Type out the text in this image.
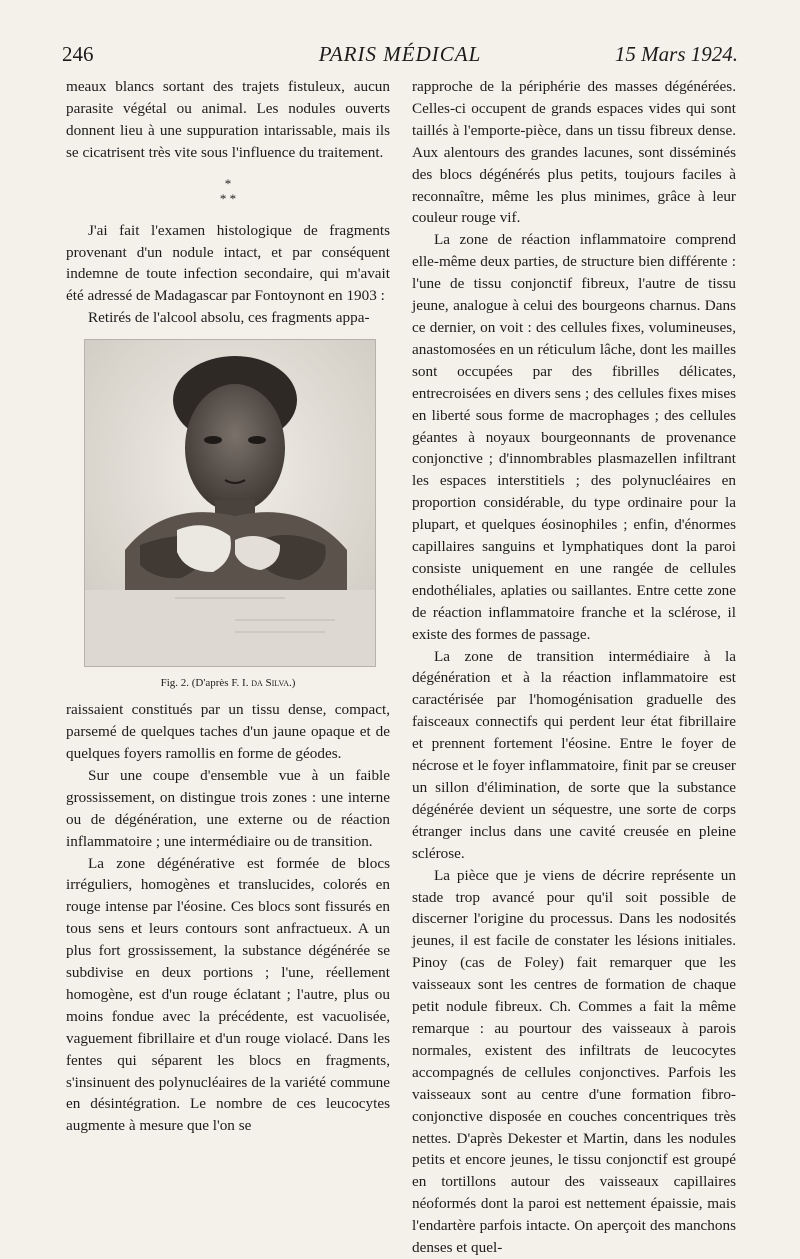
246	PARIS MÉDICAL	15 Mars 1924.

meaux blancs sortant des trajets fistuleux, aucun parasite végétal ou animal. Les nodules ouverts donnent lieu à une suppuration intarissable, mais ils se cicatrisent très vite sous l'influence du traitement.

*
* *

J'ai fait l'examen histologique de fragments provenant d'un nodule intact, et par conséquent indemne de toute infection secondaire, qui m'avait été adressé de Madagascar par Fontoynont en 1903 :

Retirés de l'alcool absolu, ces fragments appa-

Fig. 2. (D'après F. I. da Silva.)

raissaient constitués par un tissu dense, compact, parsemé de quelques taches d'un jaune opaque et de quelques foyers ramollis en forme de géodes.

Sur une coupe d'ensemble vue à un faible grossissement, on distingue trois zones : une interne ou de dégénération, une externe ou de réaction inflammatoire ; une intermédiaire ou de transition.

La zone dégénérative est formée de blocs irréguliers, homogènes et translucides, colorés en rouge intense par l'éosine. Ces blocs sont fissurés en tous sens et leurs contours sont anfractueux. A un plus fort grossissement, la substance dégénérée se subdivise en deux portions ; l'une, réellement homogène, est d'un rouge éclatant ; l'autre, plus ou moins fondue avec la précédente, est vacuolisée, vaguement fibrillaire et d'un rouge violacé. Dans les fentes qui séparent les blocs en fragments, s'insinuent des polynucléaires de la variété commune en désintégration. Le nombre de ces leucocytes augmente à mesure que l'on se

rapproche de la périphérie des masses dégénérées. Celles-ci occupent de grands espaces vides qui sont taillés à l'emporte-pièce, dans un tissu fibreux dense. Aux alentours des grandes lacunes, sont disséminés des blocs dégénérés plus petits, toujours faciles à reconnaître, même les plus minimes, grâce à leur couleur rouge vif.

La zone de réaction inflammatoire comprend elle-même deux parties, de structure bien différente : l'une de tissu conjonctif fibreux, l'autre de tissu jeune, analogue à celui des bourgeons charnus. Dans ce dernier, on voit : des cellules fixes, volumineuses, anastomosées en un réticulum lâche, dont les mailles sont occupées par des fibrilles délicates, entrecroisées en divers sens ; des cellules fixes mises en liberté sous forme de macrophages ; des cellules géantes à noyaux bourgeonnants de provenance conjonctive ; d'innombrables plasmazellen infiltrant les espaces interstitiels ; des polynucléaires en proportion considérable, du type ordinaire pour la plupart, et quelques éosinophiles ; enfin, d'énormes capillaires sanguins et lymphatiques dont la paroi consiste uniquement en une rangée de cellules endothéliales, aplaties ou saillantes. Entre cette zone de réaction inflammatoire franche et la sclérose, il existe des formes de passage.

La zone de transition intermédiaire à la dégénération et à la réaction inflammatoire est caractérisée par l'homogénisation graduelle des faisceaux connectifs qui perdent leur état fibrillaire et prennent fortement l'éosine. Entre le foyer de nécrose et le foyer inflammatoire, finit par se creuser un sillon d'élimination, de sorte que la substance dégénérée devient un séquestre, une sorte de corps étranger inclus dans une cavité creusée en pleine sclérose.

La pièce que je viens de décrire représente un stade trop avancé pour qu'il soit possible de discerner l'origine du processus. Dans les nodosités jeunes, il est facile de constater les lésions initiales. Pinoy (cas de Foley) fait remarquer que les vaisseaux sont les centres de formation de chaque petit nodule fibreux. Ch. Commes a fait la même remarque : au pourtour des vaisseaux à parois normales, existent des infiltrats de leucocytes accompagnés de cellules conjonctives. Parfois les vaisseaux sont au centre d'une formation fibro-conjonctive disposée en couches concentriques très nettes. D'après Dekester et Martin, dans les nodules petits et encore jeunes, le tissu conjonctif est groupé en tortillons autour des vaisseaux capillaires néoformés dont la paroi est nettement épaissie, mais l'endartère parfois intacte. On aperçoit des manchons denses et quel-
